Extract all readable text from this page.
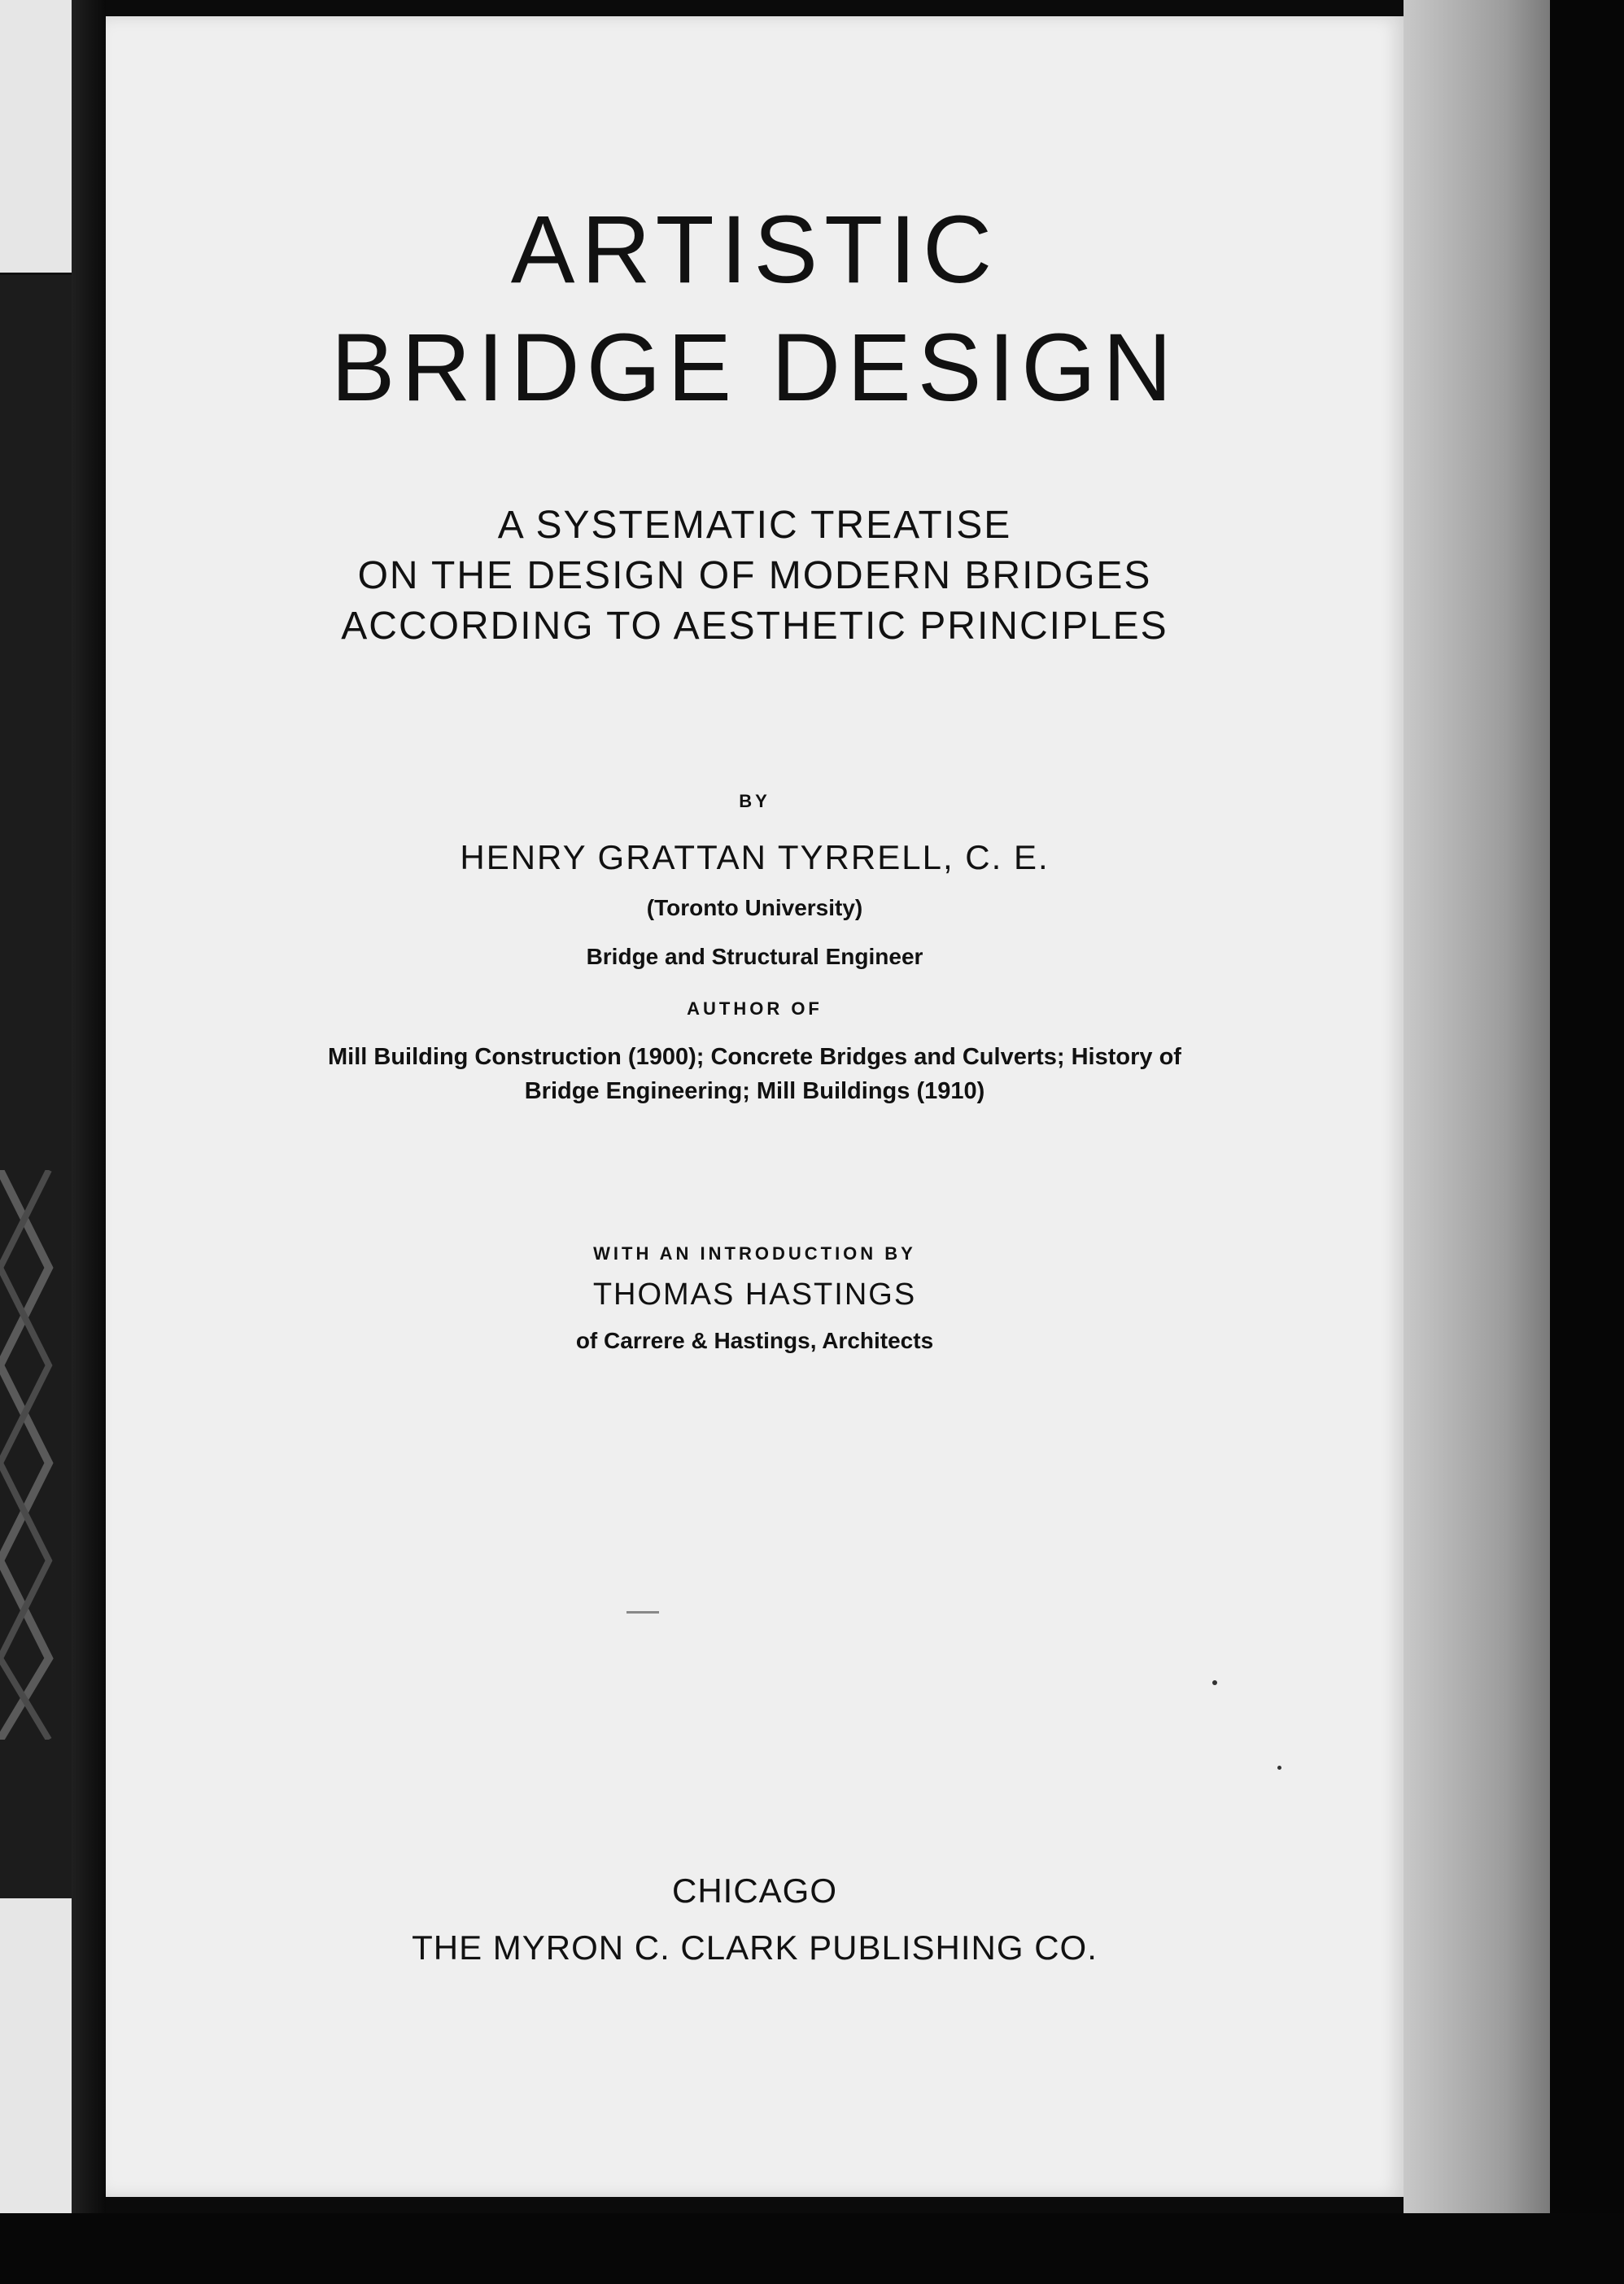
ARTISTIC
BRIDGE DESIGN
A SYSTEMATIC TREATISE
ON THE DESIGN OF MODERN BRIDGES
ACCORDING TO AESTHETIC PRINCIPLES
BY
HENRY GRATTAN TYRRELL, C. E.
(Toronto University)
Bridge and Structural Engineer
AUTHOR OF
Mill Building Construction (1900); Concrete Bridges and Culverts; History of
Bridge Engineering; Mill Buildings (1910)
WITH AN INTRODUCTION BY
THOMAS HASTINGS
of Carrere & Hastings, Architects
CHICAGO
THE MYRON C. CLARK PUBLISHING CO.
